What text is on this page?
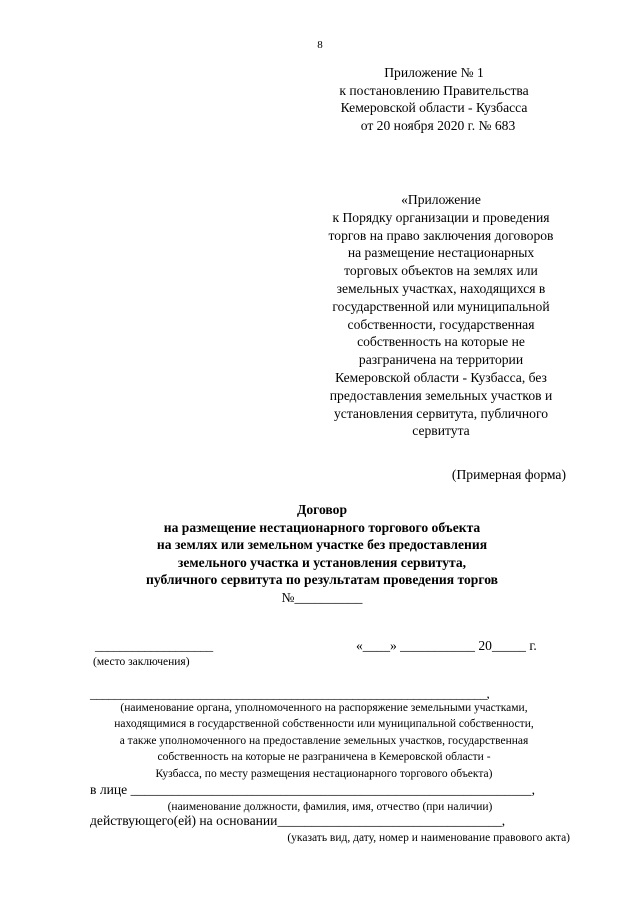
8
Приложение № 1
к постановлению Правительства
Кемеровской области - Кузбасса
от 20 ноября 2020 г. № 683
«Приложение
к Порядку организации и проведения
торгов на право заключения договоров
на размещение нестационарных
торговых объектов на землях или
земельных участках, находящихся в
государственной или муниципальной
собственности, государственная
собственность на которые не
разграничена на территории
Кемеровской области - Кузбасса, без
предоставления земельных участков и
установления сервитута, публичного
сервитута
(Примерная форма)
Договор
на размещение нестационарного торгового объекта
на землях или земельном участке без предоставления
земельного участка и установления сервитута,
публичного сервитута по результатам проведения торгов
№__________
___________________	«____» ___________ 20_____ г.
(место заключения)
_________________________________________________________________,
(наименование органа, уполномоченного на распоряжение земельными участками,
находящимися в государственной собственности или муниципальной собственности,
а также уполномоченного на предоставление земельных участков, государственная
собственность на которые не разграничена в Кемеровской области -
Кузбасса, по месту размещения нестационарного торгового объекта)
в лице ___________________________________________________________,
(наименование должности, фамилия, имя, отчество (при наличии)
действующего(ей) на основании_________________________________,
(указать вид, дату, номер и наименование правового акта)
